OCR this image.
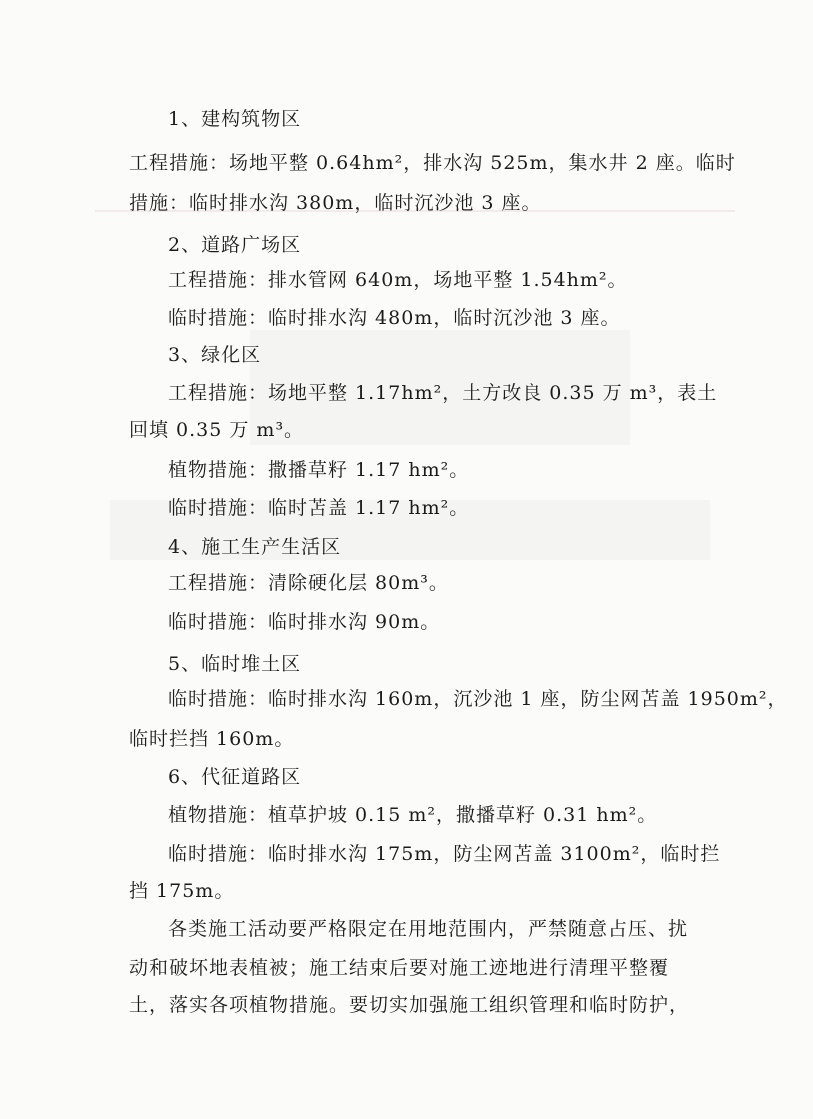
1、建构筑物区
工程措施：场地平整 0.64hm²，排水沟 525m，集水井 2 座。临时
措施：临时排水沟 380m，临时沉沙池 3 座。
2、道路广场区
工程措施：排水管网 640m，场地平整 1.54hm²。
临时措施：临时排水沟 480m，临时沉沙池 3 座。
3、绿化区
工程措施：场地平整 1.17hm²，土方改良 0.35 万 m³，表土
回填 0.35 万 m³。
植物措施：撒播草籽 1.17 hm²。
临时措施：临时苫盖 1.17 hm²。
4、施工生产生活区
工程措施：清除硬化层 80m³。
临时措施：临时排水沟 90m。
5、临时堆土区
临时措施：临时排水沟 160m，沉沙池 1 座，防尘网苫盖 1950m²，
临时拦挡 160m。
6、代征道路区
植物措施：植草护坡 0.15 m²，撒播草籽 0.31 hm²。
临时措施：临时排水沟 175m，防尘网苫盖 3100m²，临时拦
挡 175m。
各类施工活动要严格限定在用地范围内，严禁随意占压、扰
动和破坏地表植被；施工结束后要对施工迹地进行清理平整覆
土，落实各项植物措施。要切实加强施工组织管理和临时防护，
